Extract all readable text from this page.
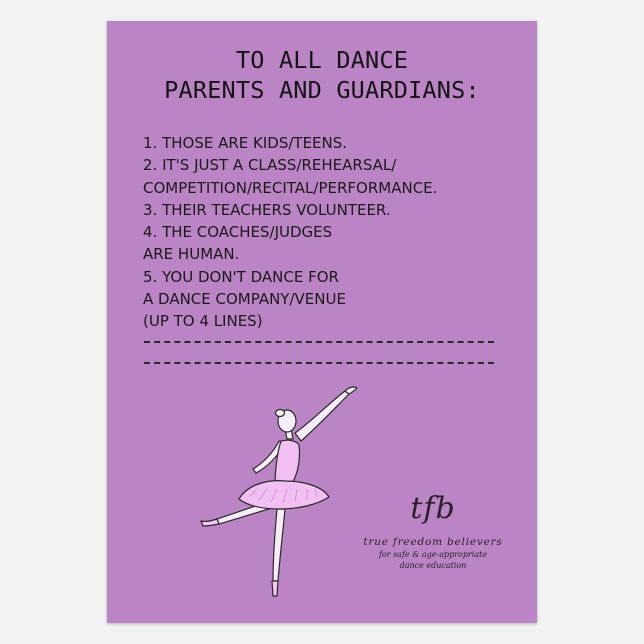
TO ALL DANCE
PARENTS AND GUARDIANS:
1. THOSE ARE KIDS/TEENS.
2. IT'S JUST A CLASS/REHEARSAL/
COMPETITION/RECITAL/PERFORMANCE.
3. THEIR TEACHERS VOLUNTEER.
4. THE COACHES/JUDGES
ARE HUMAN.
5. YOU DON'T DANCE FOR
A DANCE COMPANY/VENUE
(UP TO 4 LINES)
tfb
true freedom believers
for safe & age-appropriate
dance education
